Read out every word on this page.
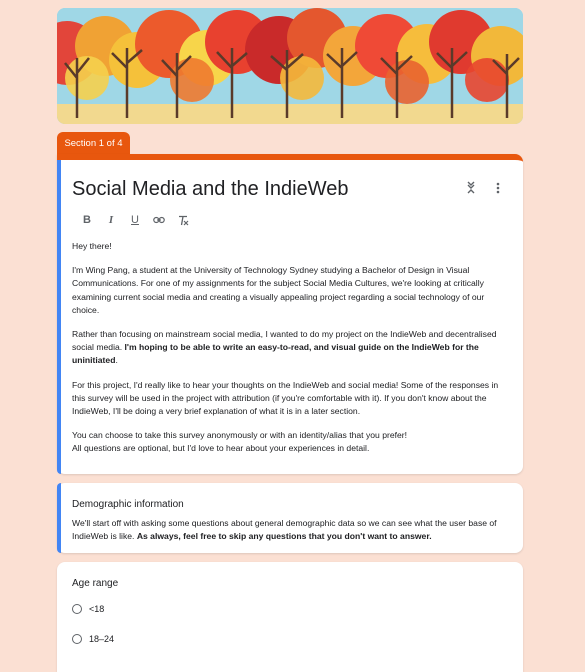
Section 1 of 4
Social Media and the IndieWeb
B	I	U

Hey there!

I'm Wing Pang, a student at the University of Technology Sydney studying a Bachelor of Design in Visual Communications. For one of my assignments for the subject Social Media Cultures, we're looking at critically examining current social media and creating a visually appealing project regarding a social technology of our choice.

Rather than focusing on mainstream social media, I wanted to do my project on the IndieWeb and decentralised social media. I'm hoping to be able to write an easy-to-read, and visual guide on the IndieWeb for the uninitiated.

For this project, I'd really like to hear your thoughts on the IndieWeb and social media! Some of the responses in this survey will be used in the project with attribution (if you're comfortable with it). If you don't know about the IndieWeb, I'll be doing a very brief explanation of what it is in a later section.

You can choose to take this survey anonymously or with an identity/alias that you prefer!
All questions are optional, but I'd love to hear about your experiences in detail.

Demographic information
We'll start off with asking some questions about general demographic data so we can see what the user base of IndieWeb is like. As always, feel free to skip any questions that you don't want to answer.
Age range
<18
18–24
